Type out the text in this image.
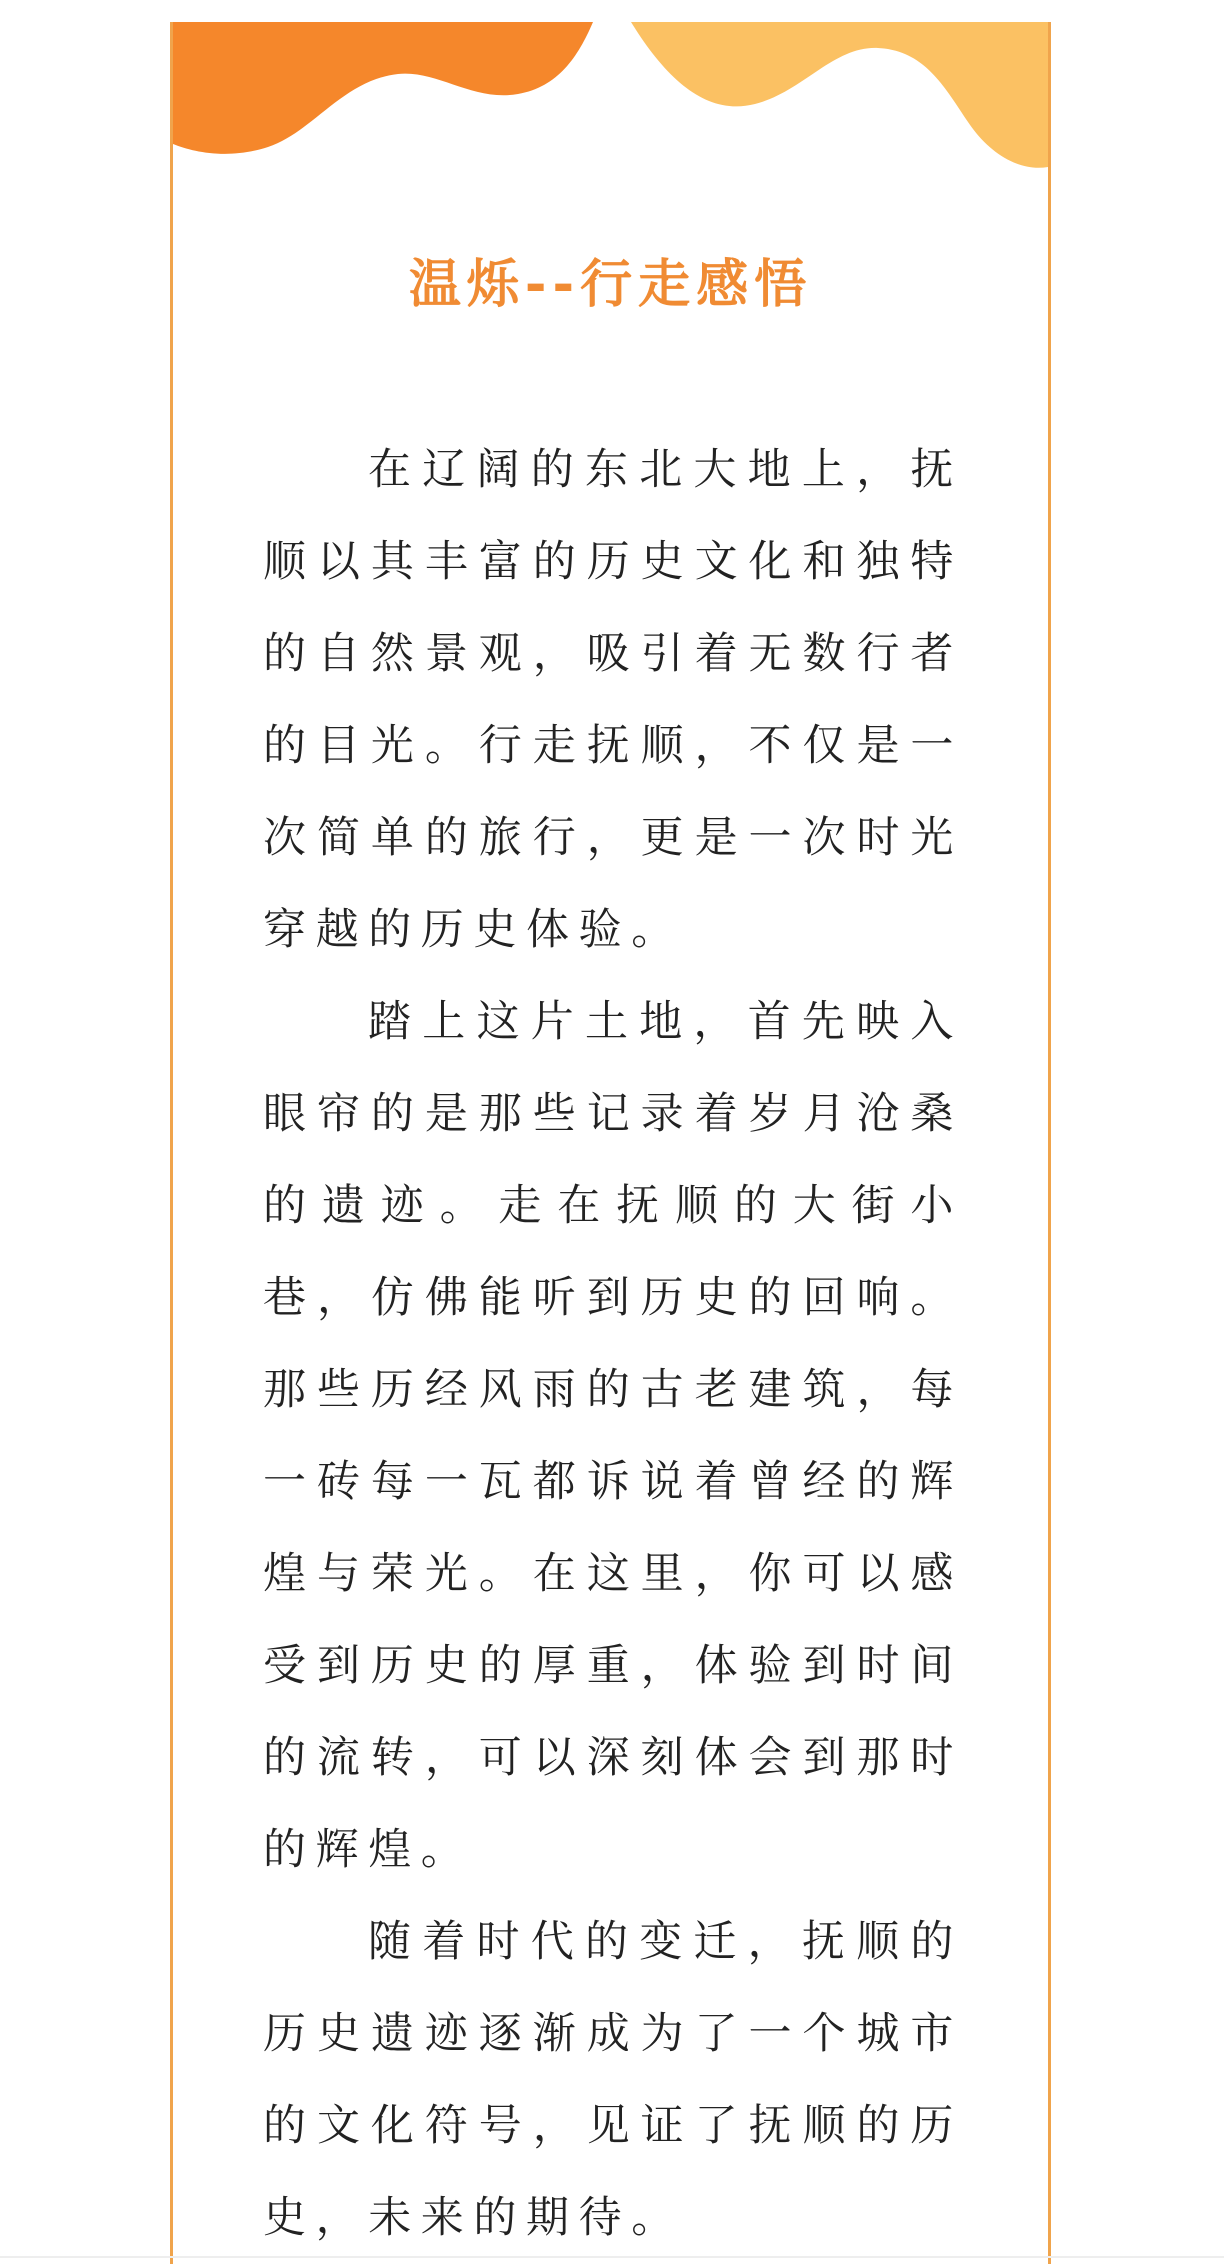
温烁--行走感悟

在辽阔的东北大地上，抚顺以其丰富的历史文化和独特的自然景观，吸引着无数行者的目光。行走抚顺，不仅是一次简单的旅行，更是一次时光穿越的历史体验。

踏上这片土地，首先映入眼帘的是那些记录着岁月沧桑的遗迹。走在抚顺的大街小巷，仿佛能听到历史的回响。那些历经风雨的古老建筑，每一砖每一瓦都诉说着曾经的辉煌与荣光。在这里，你可以感受到历史的厚重，体验到时间的流转，可以深刻体会到那时的辉煌。

随着时代的变迁，抚顺的历史遗迹逐渐成为了一个城市的文化符号，见证了抚顺的历史，未来的期待。
